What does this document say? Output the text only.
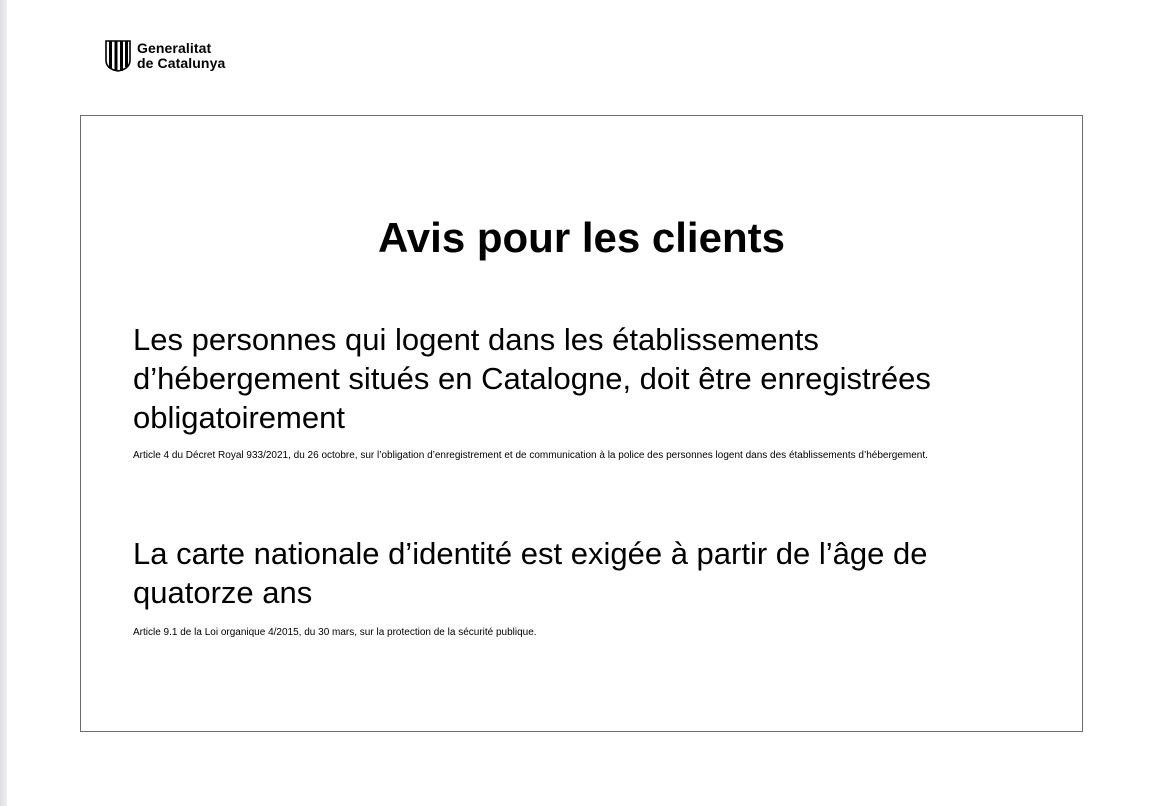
Generalitat
de Catalunya
Avis pour les clients

Les personnes qui logent dans les établissements d’hébergement situés en Catalogne, doit être enregistrées obligatoirement

Article 4 du Décret Royal 933/2021, du 26 octobre, sur l’obligation d’enregistrement et de communication à la police des personnes logent dans des établissements d’hébergement.

La carte nationale d’identité est exigée à partir de l’âge de quatorze ans

Article 9.1 de la Loi organique 4/2015, du 30 mars, sur la protection de la sécurité publique.
